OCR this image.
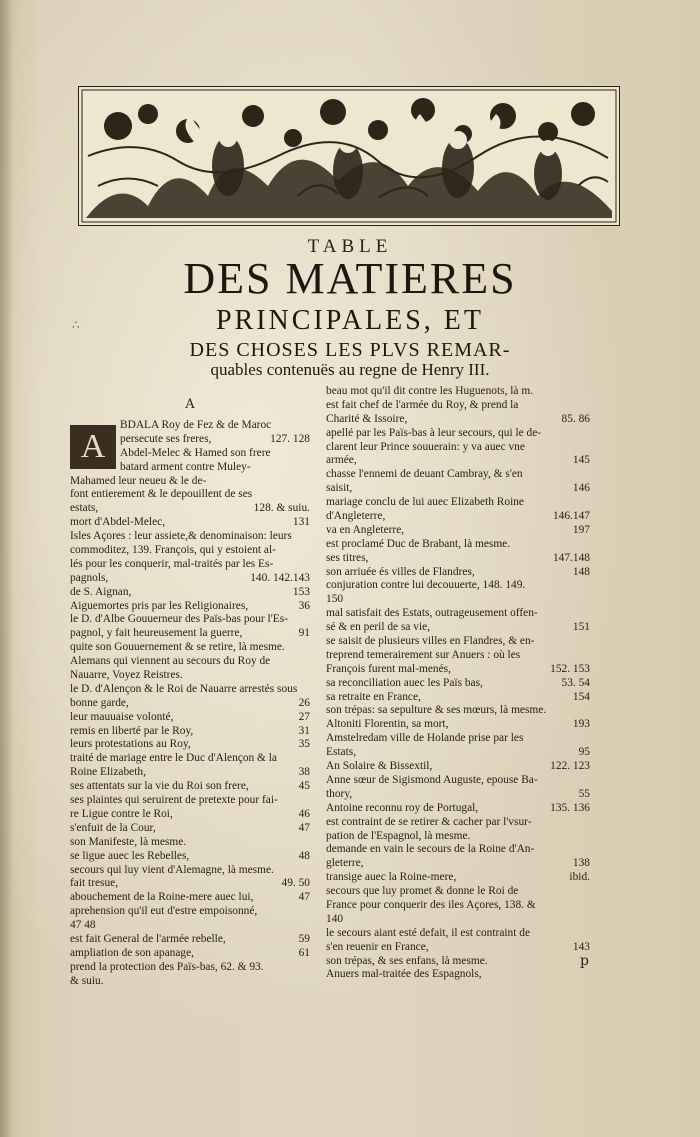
TABLE
DES MATIERES
PRINCIPALES, ET
DES CHOSES LES PLVS REMAR-
quables contenuës au regne de Henry III.
∴
A
A
BDALA Roy de Fez & de Maroc
persecute ses freres,	127. 128
Abdel-Melec & Hamed son frere
batard arment contre Muley-
Mahamed leur neueu & le de-
font entierement & le depouillent de ses
estats,	128. & suiu.
mort d'Abdel-Melec,	131
Isles Açores : leur assiete,& denominaison: leurs
commoditez, 139. François, qui y estoient al-
lés pour les conquerir, mal-traités par les Es-
pagnols,	140. 142.143
de S. Aignan,	153
Aiguemortes pris par les Religionaires,	36
le D. d'Albe Gouuerneur des Païs-bas pour l'Es-
pagnol, y fait heureusement la guerre,	91
quite son Gouuernement & se retire, là mesme.
Alemans qui viennent au secours du Roy de
Nauarre, Voyez Reistres.
le D. d'Alençon & le Roi de Nauarre arrestés sous
bonne garde,	26
leur mauuaise volonté,	27
remis en liberté par le Roy,	31
leurs protestations au Roy,	35
traité de mariage entre le Duc d'Alençon & la
Roine Elizabeth,	38
ses attentats sur la vie du Roi son frere,	45
ses plaintes qui seruirent de pretexte pour fai-
re Ligue contre le Roi,	46
s'enfuit de la Cour,	47
son Manifeste, là mesme.
se ligue auec les Rebelles,	48
secours qui luy vient d'Alemagne, là mesme.
fait tresue,	49. 50
abouchement de la Roine-mere auec lui,	47
aprehension qu'il eut d'estre empoisonné,
47 48
est fait General de l'armée rebelle,	59
ampliation de son apanage,	61
prend la protection des Païs-bas, 62. & 93.
& suiu.
beau mot qu'il dit contre les Huguenots, là m.
est fait chef de l'armée du Roy, & prend la
Charité & Issoire,	85. 86
apellé par les Païs-bas à leur secours, qui le de-
clarent leur Prince souuerain: y va auec vne
armée,	145
chasse l'ennemi de deuant Cambray, & s'en
saisit,	146
mariage conclu de lui auec Elizabeth Roine
d'Angleterre,	146.147
va en Angleterre,	197
est proclamé Duc de Brabant, là mesme.
ses titres,	147.148
son arriuée és villes de Flandres,	148
conjuration contre lui decouuerte, 148. 149.
150
mal satisfait des Estats, outrageusement offen-
sé & en peril de sa vie,	151
se saisit de plusieurs villes en Flandres, & en-
treprend temerairement sur Anuers : où les
François furent mal-menés,	152. 153
sa reconciliation auec les Païs bas,	53. 54
sa retraite en France,	154
son trépas: sa sepulture & ses mœurs, là mesme.
Altoniti Florentin, sa mort,	193
Amstelredam ville de Holande prise par les
Estats,	95
An Solaire & Bissextil,	122. 123
Anne sœur de Sigismond Auguste, epouse Ba-
thory,	55
Antoine reconnu roy de Portugal,	135. 136
est contraint de se retirer & cacher par l'vsur-
pation de l'Espagnol, là mesme.
demande en vain le secours de la Roine d'An-
gleterre,	138
transige auec la Roine-mere,	ibid.
secours que luy promet & donne le Roi de
France pour conquerir des iles Açores, 138. &
140
le secours aiant esté defait, il est contraint de
s'en reuenir en France,	143
son trépas, & ses enfans, là mesme.
Anuers mal-traitée des Espagnols,
p
